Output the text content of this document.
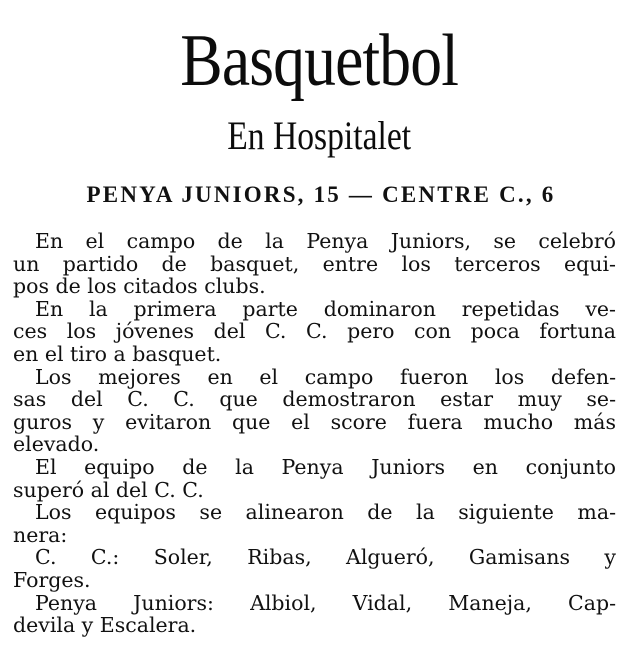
Basquetbol
En Hospitalet
PENYA JUNIORS, 15 — CENTRE C., 6
En el campo de la Penya Juniors, se celebró
un partido de basquet, entre los terceros equi-
pos de los citados clubs.
En la primera parte dominaron repetidas ve-
ces los jóvenes del C. C. pero con poca fortuna
en el tiro a basquet.
Los mejores en el campo fueron los defen-
sas del C. C. que demostraron estar muy se-
guros y evitaron que el score fuera mucho más
elevado.
El equipo de la Penya Juniors en conjunto
superó al del C. C.
Los equipos se alinearon de la siguiente ma-
nera:
C. C.: Soler, Ribas, Algueró, Gamisans y
Forges.
Penya Juniors: Albiol, Vidal, Maneja, Cap-
devila y Escalera.
